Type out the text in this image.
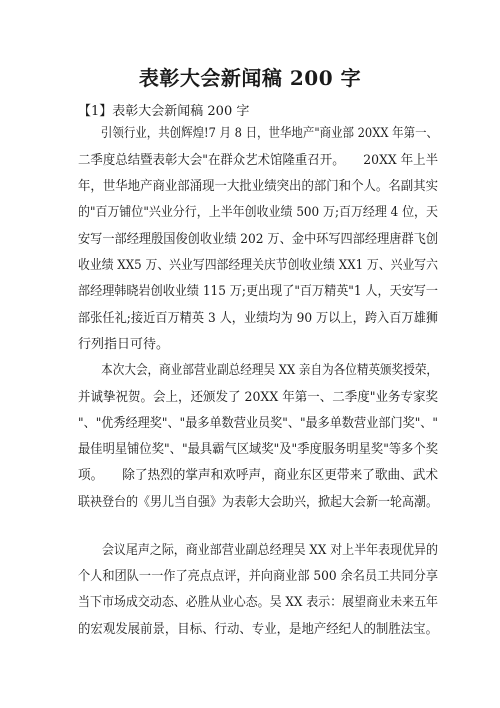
表彰大会新闻稿 200 字

【1】表彰大会新闻稿 200 字

　　引领行业，共创辉煌!7 月 8 日，世华地产"商业部 20XX 年第一、

二季度总结暨表彰大会"在群众艺术馆隆重召开。　　20XX 年上半

年，世华地产商业部涌现一大批业绩突出的部门和个人。名副其实

的"百万铺位"兴业分行，上半年创收业绩 500 万;百万经理 4 位，天

安写一部经理殷国俊创收业绩 202 万、金中环写四部经理唐群飞创

收业绩 XX5 万、兴业写四部经理关庆节创收业绩 XX1 万、兴业写六

部经理韩晓岩创收业绩 115 万;更出现了"百万精英"1 人，天安写一

部张任礼;接近百万精英 3 人，业绩均为 90 万以上，跨入百万雄狮

行列指日可待。

　　本次大会，商业部营业副总经理吴 XX 亲自为各位精英颁奖授荣，

并诚挚祝贺。会上，还颁发了 20XX 年第一、二季度"业务专家奖

"、"优秀经理奖"、"最多单数营业员奖"、"最多单数营业部门奖"、"

最佳明星铺位奖"、"最具霸气区域奖"及"季度服务明星奖"等多个奖

项。　　除了热烈的掌声和欢呼声，商业东区更带来了歌曲、武术

联袂登台的《男儿当自强》为表彰大会助兴，掀起大会新一轮高潮。

　　会议尾声之际，商业部营业副总经理吴 XX 对上半年表现优异的

个人和团队一一作了亮点点评，并向商业部 500 余名员工共同分享

当下市场成交动态、必胜从业心态。吴 XX 表示：展望商业未来五年

的宏观发展前景，目标、行动、专业，是地产经纪人的制胜法宝。
